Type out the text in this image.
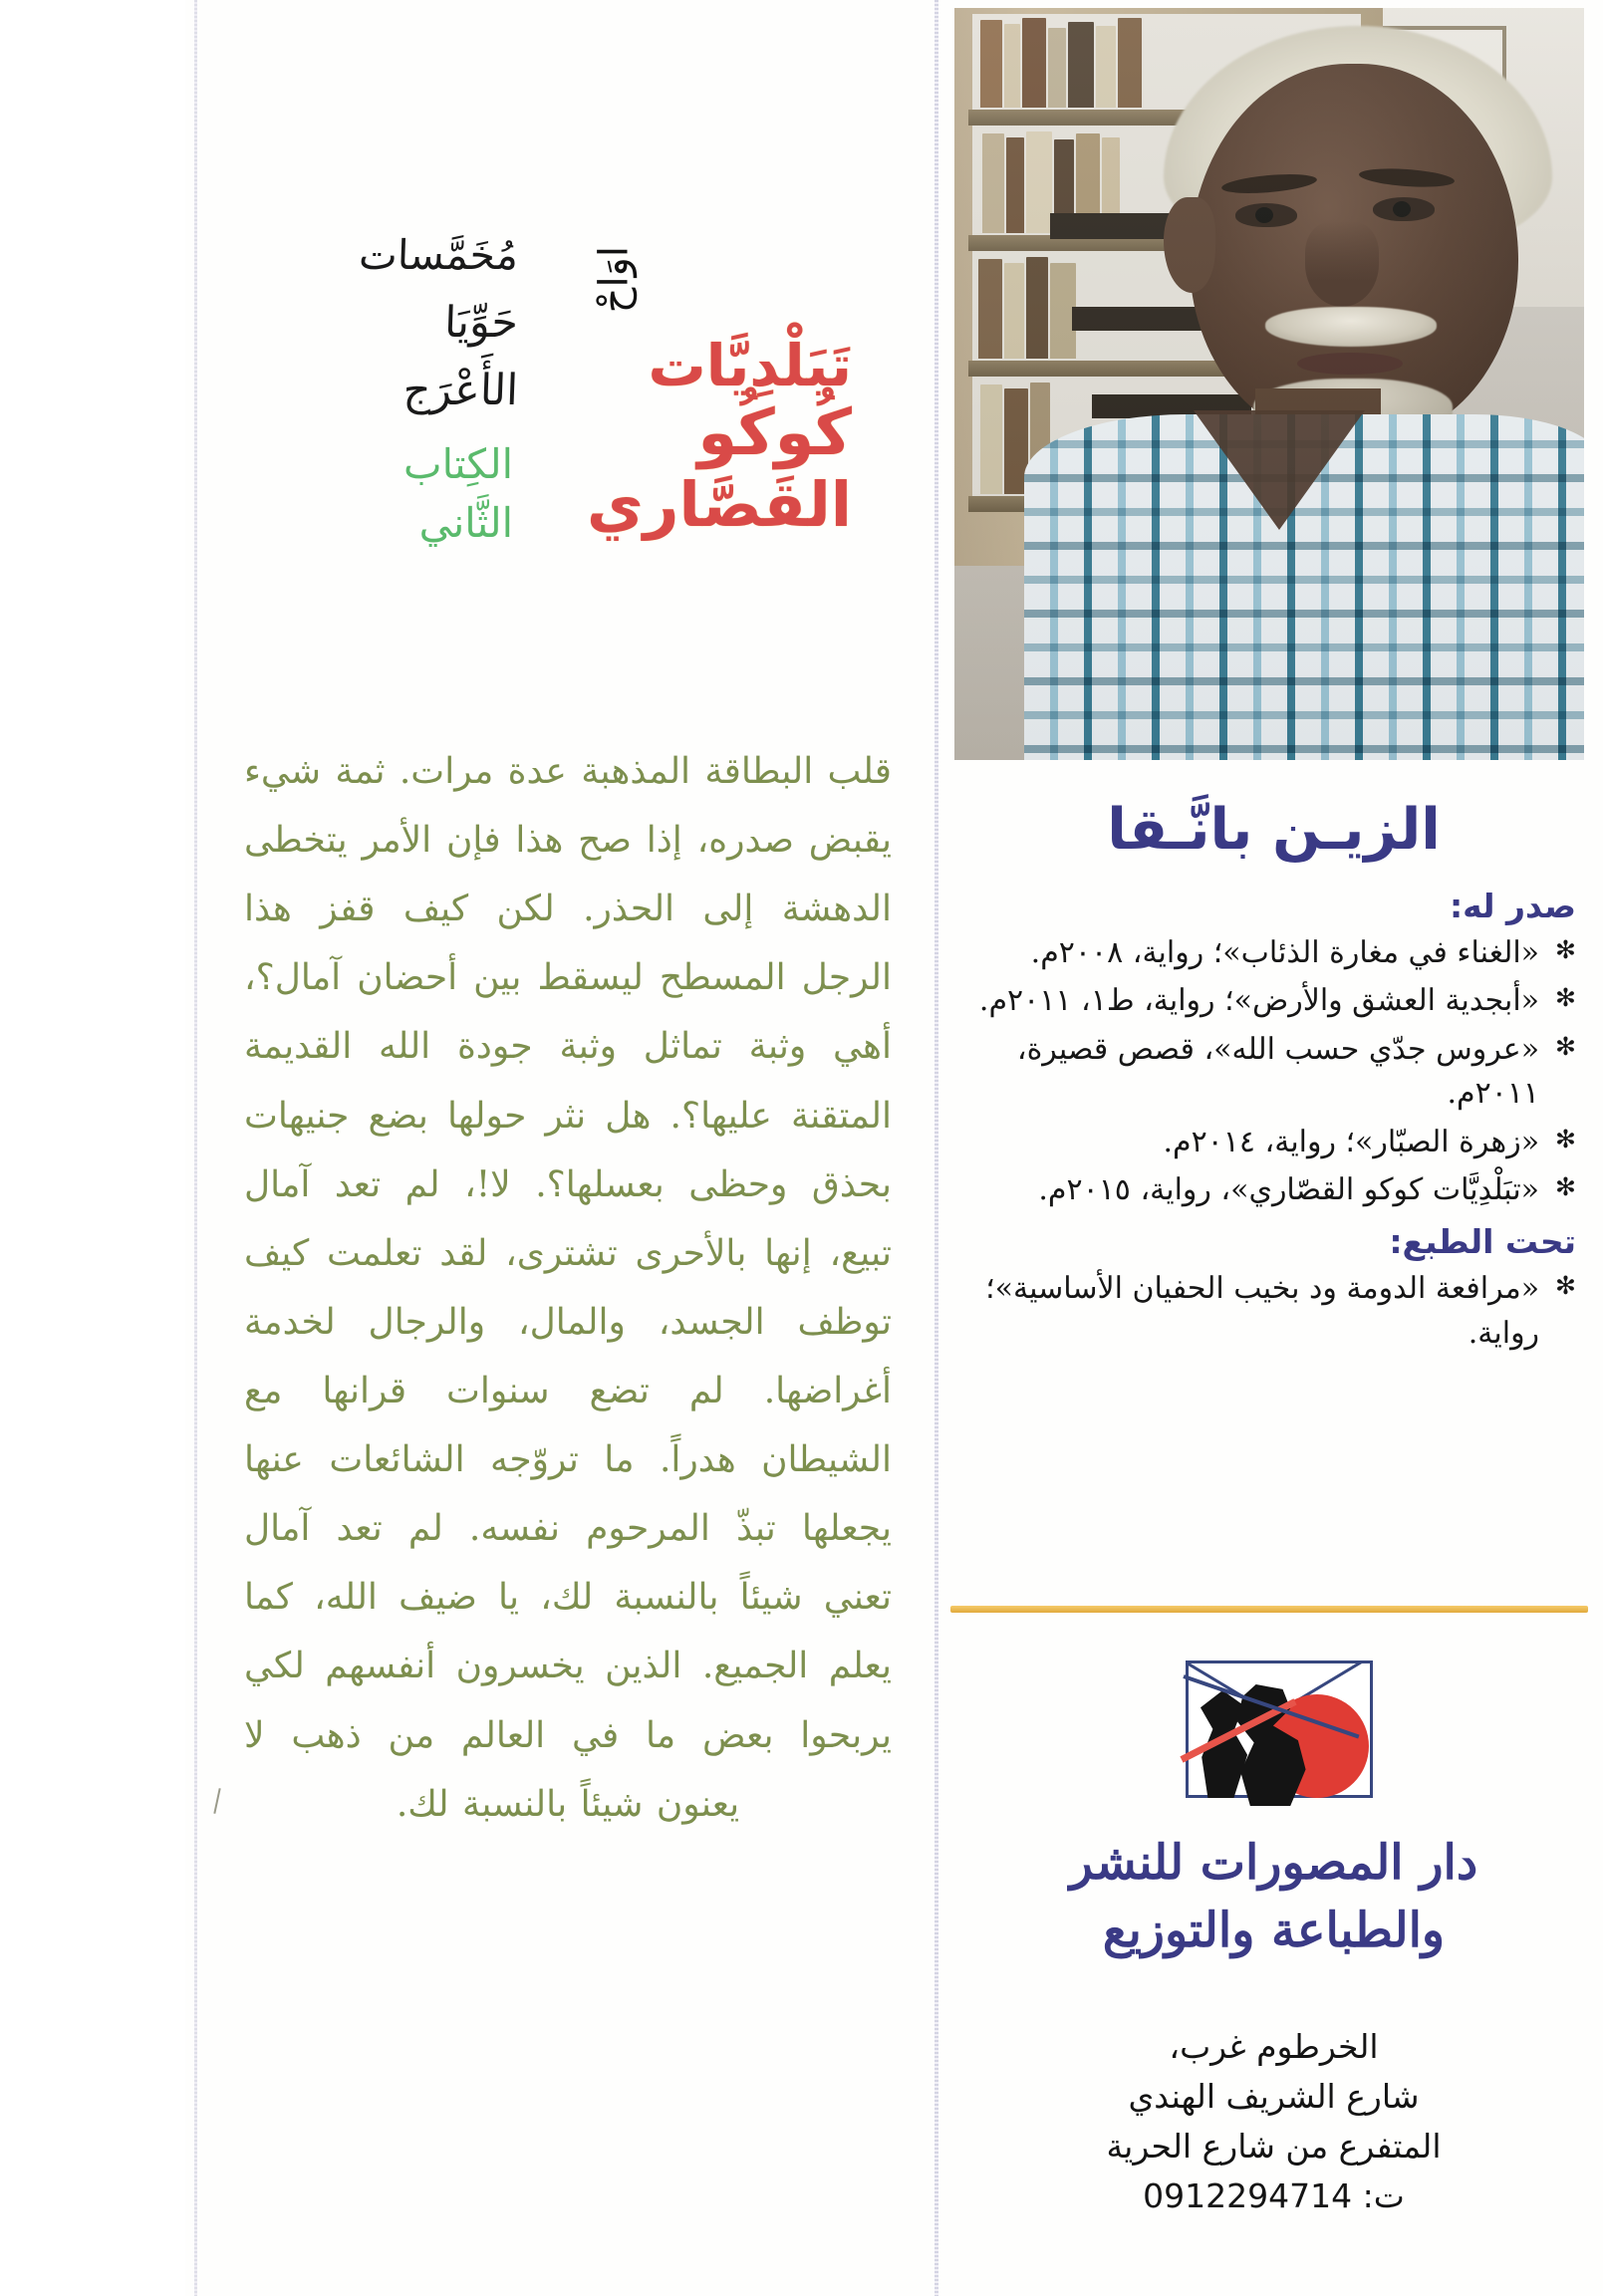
اوَاحْ
مُخَمَّسات
حَوِّيَا
الأَعْرَج
الكِتاب
الثَّاني
تَبَلْدِيَّات
كُوكُو
القَصَّاري
قلب البطاقة المذهبة عدة مرات. ثمة شيء يقبض صدره، إذا صح هذا فإن الأمر يتخطى الدهشة إلى الحذر. لكن كيف قفز هذا الرجل المسطح ليسقط بين أحضان آمال؟، أهي وثبة تماثل وثبة جودة الله القديمة المتقنة عليها؟. هل نثر حولها بضع جنيهات بحذق وحظى بعسلها؟. لا!، لم تعد آمال تبيع، إنها بالأحرى تشترى، لقد تعلمت كيف توظف الجسد، والمال، والرجال لخدمة أغراضها. لم تضع سنوات قرانها مع الشيطان هدراً. ما تروّجه الشائعات عنها يجعلها تبذّ المرحوم نفسه. لم تعد آمال تعني شيئاً بالنسبة لك، يا ضيف الله، كما يعلم الجميع. الذين يخسرون أنفسهم لكي يربحوا بعض ما في العالم من ذهب لا يعنون شيئاً بالنسبة لك.
الزيـن بانَّـقا
صدر له:
✻
«الغناء في مغارة الذئاب»؛ رواية، ٢٠٠٨م.
✻
«أبجدية العشق والأرض»؛ رواية، ط١، ٢٠١١م.
✻
«عروس جدّي حسب الله»، قصص قصيرة، ٢٠١١م.
✻
«زهرة الصبّار»؛ رواية، ٢٠١٤م.
✻
«تبَلْدِيَّات كوكو القصّاري»، رواية، ٢٠١٥م.
تحت الطبع:
✻
«مرافعة الدومة ود بخيب الحفيان الأساسية»؛ رواية.
دار المصورات للنشر
والطباعة والتوزيع
الخرطوم غرب،
شارع الشريف الهندي
المتفرع من شارع الحرية
ت: 0912294714
